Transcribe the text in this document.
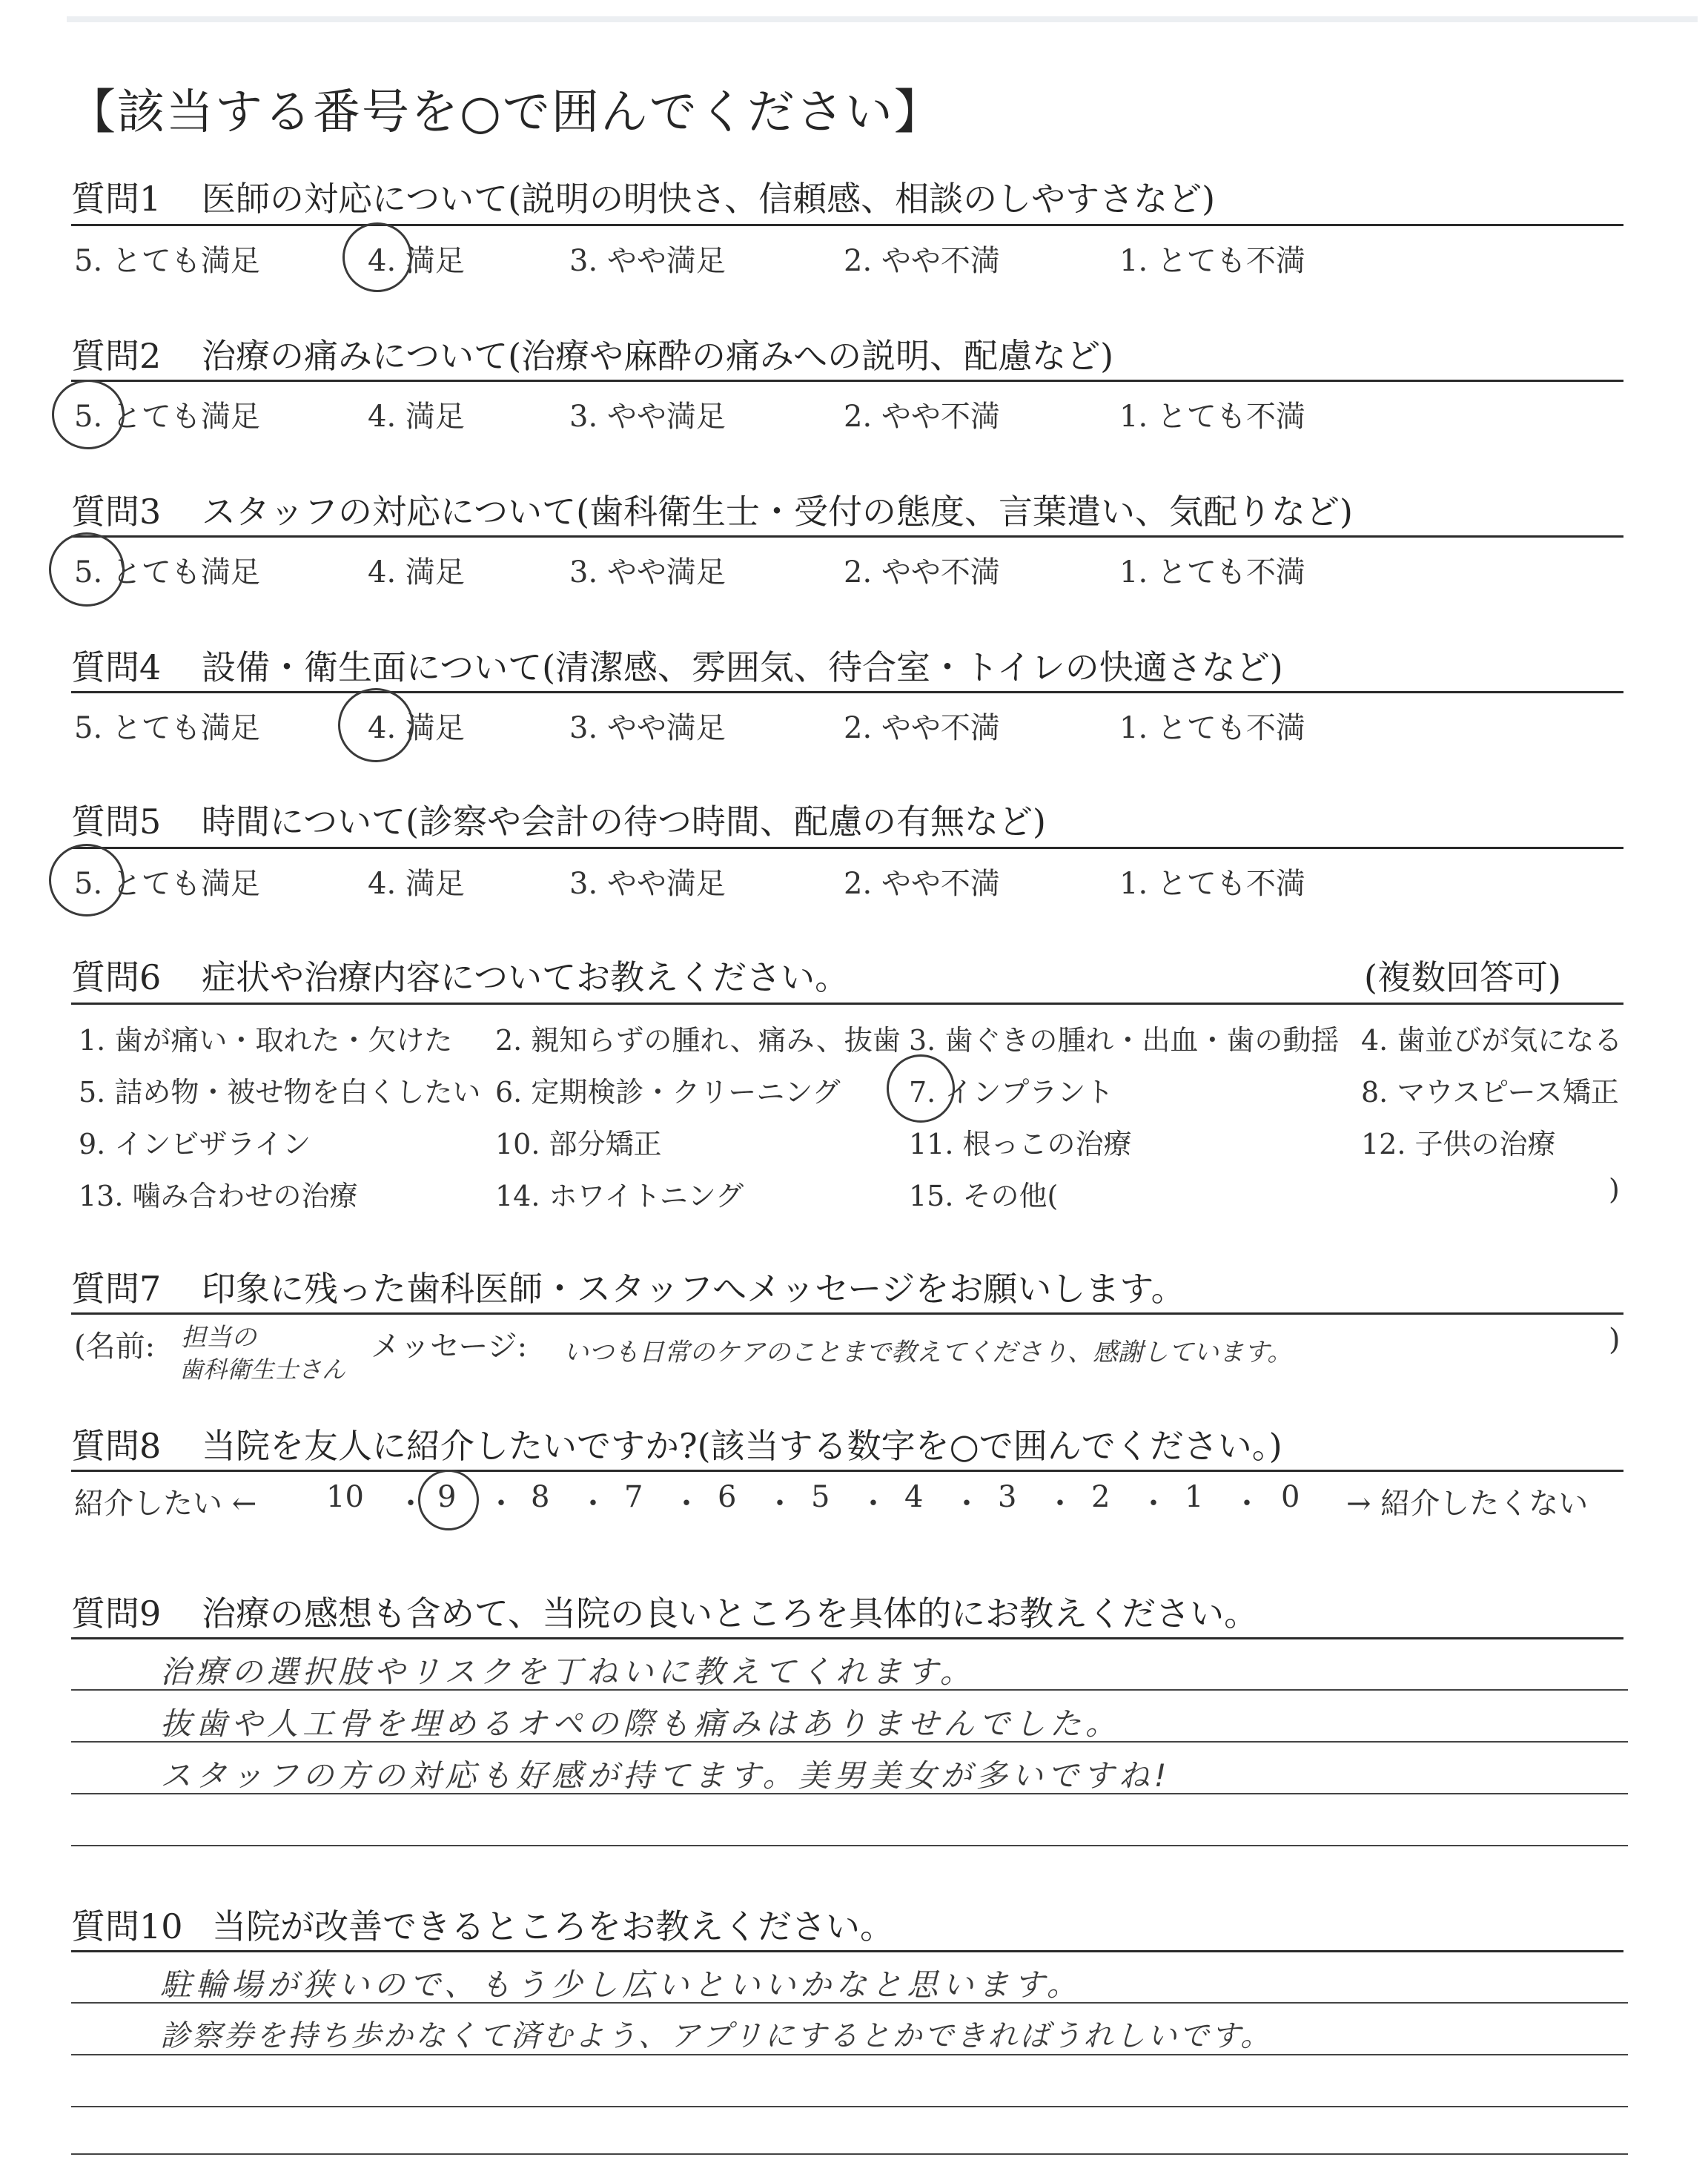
【該当する番号を○で囲んでください】
質問1 医師の対応について(説明の明快さ、信頼感、相談のしやすさなど)
5. とても満足	4. 満足	3. やや満足	2. やや不満	1. とても不満
質問2 治療の痛みについて(治療や麻酔の痛みへの説明、配慮など)
5. とても満足	4. 満足	3. やや満足	2. やや不満	1. とても不満
質問3 スタッフの対応について(歯科衛生士・受付の態度、言葉遣い、気配りなど)
5. とても満足	4. 満足	3. やや満足	2. やや不満	1. とても不満
質問4 設備・衛生面について(清潔感、雰囲気、待合室・トイレの快適さなど)
5. とても満足	4. 満足	3. やや満足	2. やや不満	1. とても不満
質問5 時間について(診察や会計の待つ時間、配慮の有無など)
5. とても満足	4. 満足	3. やや満足	2. やや不満	1. とても不満
質問6 症状や治療内容についてお教えください。	(複数回答可)
1. 歯が痛い・取れた・欠けた 2. 親知らずの腫れ、痛み、抜歯 3. 歯ぐきの腫れ・出血・歯の動揺 4. 歯並びが気になる
5. 詰め物・被せ物を白くしたい 6. 定期検診・クリーニング 7. インプラント	8. マウスピース矯正
9. インビザライン	10. 部分矯正	11. 根っこの治療	12. 子供の治療
13. 噛み合わせの治療	14. ホワイトニング	15. その他(	)
質問7 印象に残った歯科医師・スタッフへメッセージをお願いします。
(名前: 担当の
歯科衛生士さん
メッセージ: いつも日常のケアのことまで教えてくださり、感謝しています。	)
質問8 当院を友人に紹介したいですか?(該当する数字を○で囲んでください。)
紹介したい ←	→ 紹介したくない
10 ・ 9 ・ 8 ・ 7 ・ 6 ・ 5 ・ 4 ・ 3 ・ 2 ・ 1 ・ 0
質問9 治療の感想も含めて、当院の良いところを具体的にお教えください。
治療の選択肢やリスクを丁ねいに教えてくれます。
抜歯や人工骨を埋めるオペの際も痛みはありませんでした。
スタッフの方の対応も好感が持てます。美男美女が多いですね!
質問10 当院が改善できるところをお教えください。
駐輪場が狭いので、もう少し広いといいかなと思います。
診察券を持ち歩かなくて済むよう、アプリにするとかできればうれしいです。
